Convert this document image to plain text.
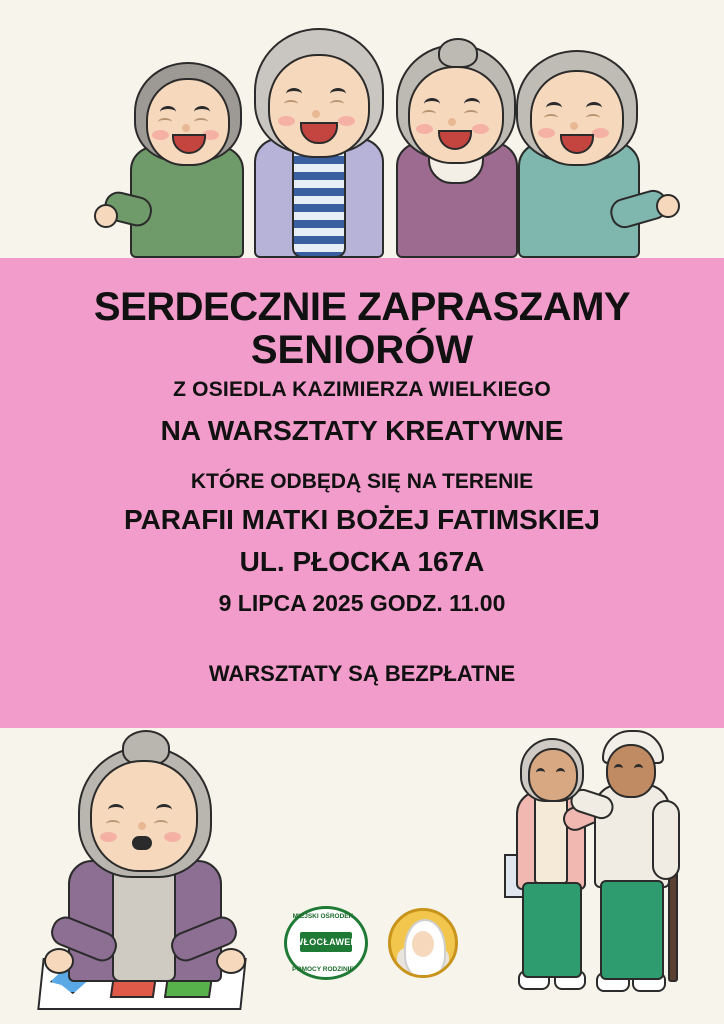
SERDECZNIE ZAPRASZAMY
SENIORÓW
Z OSIEDLA KAZIMIERZA WIELKIEGO
NA WARSZTATY KREATYWNE
KTÓRE ODBĘDĄ SIĘ NA TERENIE
PARAFII MATKI BOŻEJ FATIMSKIEJ
UL. PŁOCKA 167A
9 LIPCA 2025 GODZ. 11.00
WARSZTATY SĄ BEZPŁATNE
MIEJSKI OŚRODEK
WŁOCŁAWEK
POMOCY RODZINIE
